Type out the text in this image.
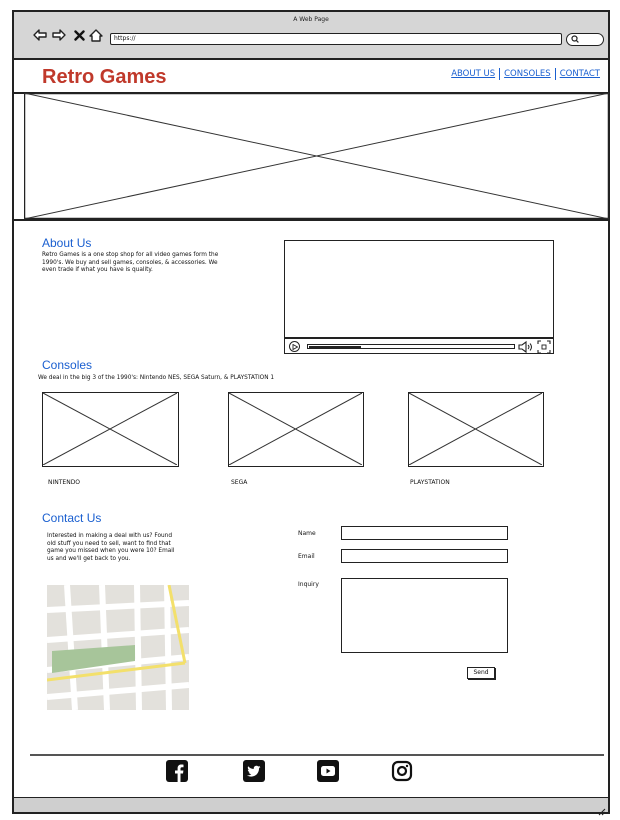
A Web Page
https://
Retro Games	ABOUT US	CONSOLES	CONTACT
About Us
Retro Games is a one stop shop for all video games form the
1990's. We buy and sell games, consoles, & accessories. We
even trade if what you have is quality.
Consoles
We deal in the big 3 of the 1990's: Nintendo NES, SEGA Saturn, & PLAYSTATION 1
NINTENDO	SEGA	PLAYSTATION
Contact Us
Interested in making a deal with us? Found
old stuff you need to sell, want to find that
game you missed when you were 10? Email
us and we'll get back to you.
Name
Email
Inquiry
Send
